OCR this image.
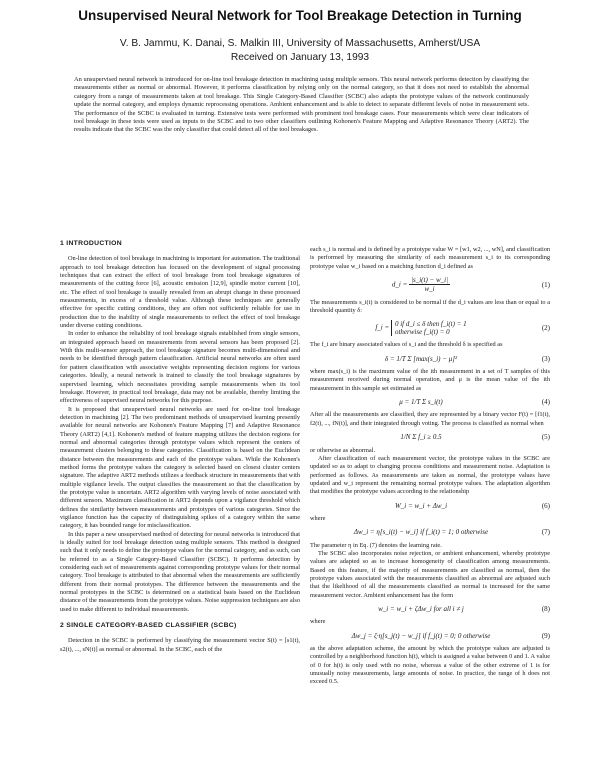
Unsupervised Neural Network for Tool Breakage Detection in Turning
V. B. Jammu, K. Danai, S. Malkin III, University of Massachusetts, Amherst/USA
Received on January 13, 1993

An unsupervised neural network is introduced for on-line tool breakage detection in machining using multiple sensors. This neural network performs detection by classifying the measurements either as normal or abnormal. However, it performs classification by relying only on the normal category, so that it does not need to establish the abnormal category from a range of measurements taken at tool breakage. This Single Category-Based Classifier (SCBC) also adapts the prototype values of the network continuously update the normal category, and employs dynamic reprocessing operations. Ambient enhancement and is able to detect to separate different levels of noise in measurement sets. The performance of the SCBC is evaluated in turning. Extensive tests were performed with prominent tool breakage cases. Four measurements which were clear indicators of tool breakage in these tests were used as inputs to the SCBC and to two other classifiers outlining Kohonen's Feature Mapping and Adaptive Resonance Theory (ART2). The results indicate that the SCBC was the only classifier that could detect all of the tool breakages.

1 INTRODUCTION

On-line detection of tool breakage in machining is important for automation. The traditional approach to tool breakage detection has focused on the development of signal processing techniques that can extract the effect of tool breakage from tool breakage signatures of measurements of the cutting force [6], acoustic emission [12,9], spindle motor current [10], etc. The effect of tool breakage is usually revealed from an abrupt change in these processed measurements, in excess of a threshold value. Although these techniques are generally effective for specific cutting conditions, they are often not sufficiently reliable for use in production due to the inability of single measurements to reflect the effect of tool breakage under diverse cutting conditions.

In order to enhance the reliability of tool breakage signals established from single sensors, an integrated approach based on measurements from several sensors has been proposed [2]. With this multi-sensor approach, the tool breakage signature becomes multi-dimensional and needs to be identified through pattern classification. Artificial neural networks are often used for pattern classification with associative weights representing decision regions for various categories. Ideally, a neural network is trained to classify the tool breakage signatures by supervised learning, which necessitates providing sample measurements when its tool breakage. However, in practical tool breakage, data may not be available, thereby limiting the effectiveness of supervised neural networks for this purpose.

It is proposed that unsupervised neural networks are used for on-line tool breakage detection in machining [2]. The two predominant methods of unsupervised learning presently available for neural networks are Kohonen's Feature Mapping [7] and Adaptive Resonance Theory (ART2) [4,1]. Kohonen's method of feature mapping utilizes the decision regions for normal and abnormal categories through prototype values which represent the centers of measurement clusters belonging to these categories. Classification is based on the Euclidean distance between the measurements and each of the prototype values. While the Kohonen's method forms the prototype values the category is selected based on closest cluster centers signature. The adaptive ART2 methods utilizes a feedback structure in measurements that with multiple vigilance levels. The output classifies the measurement so that the classification by the prototype value is uncertain. ART2 algorithm with varying levels of noise associated with different sensors. Maximum classification in ART2 depends upon a vigilance threshold which defines the similarity between measurements and prototypes of various categories. Since the vigilance function has the capacity of distinguishing spikes of a category within the same category, it has bounded range for misclassification.

In this paper a new unsupervised method of detecting for neural networks is introduced that is ideally suited for tool breakage detection using multiple sensors. This method is designed such that it only needs to define the prototype values for the normal category, and as such, can be referred to as a Single Category-Based Classifier (SCBC). It performs detection by considering each set of measurements against corresponding prototype values for their normal category. Tool breakage is attributed to that abnormal when the measurements are sufficiently different from their normal prototypes. The difference between the measurements and the normal prototypes in the SCBC is determined on a statistical basis based on the Euclidean distance of the measurements from the prototype values. Noise suppression techniques are also used to make different to individual measurements.

2 SINGLE CATEGORY-BASED CLASSIFIER (SCBC)

Detection in the SCBC is performed by classifying the measurement vector S(t) = [s1(t), s2(t), ..., sN(t)] as normal or abnormal. In the SCBC, each of the

each s_i is normal and is defined by a prototype value W = [w1, w2, ..., wN], and classification is performed by measuring the similarity of each measurement s_i to its corresponding prototype value w_i based on a matching function d_i defined as

d_i = $\frac{|s\_i(t) - w\_i|}{w\_i}$	(1)

The measurements s_i(t) is considered to be normal if the d_i values are less than or equal to a threshold quantity δ:

f_i = 0 if d_i ≤ δ then f_i(t) = 1
otherwise f_i(t) = 0
(2)

The f_i are binary associated values of s_i and the threshold δ is specified as

δ = 1/T Σ [max(s_i) − μ]²	(3)

where max(s_i) is the maximum value of the ith measurement in a set of T samples of this measurement received during normal operation, and μ is the mean value of the ith measurement in this sample set estimated as

μ = 1/T Σ s_i(t)	(4)

After all the measurements are classified, they are represented by a binary vector F(t) = [f1(t), f2(t), ..., fN(t)], and their integrated through voting. The process is classified as normal when

1/N Σ f_i ≥ 0.5	(5)

or otherwise as abnormal.

After classification of each measurement vector, the prototype values in the SCBC are updated so as to adapt to changing process conditions and measurement noise. Adaptation is performed as follows. As measurements are taken as normal, the prototype values have updated and w_i represent the remaining normal prototype values. The adaptation algorithm that modifies the prototype values according to the relationship

W_i = w_i + Δw_i	(6)

where

Δw_i = η[s_i(t) − w_i] if f_i(t) = 1; 0 otherwise	(7)

The parameter η in Eq. (7) denotes the learning rate.

The SCBC also incorporates noise rejection, or ambient enhancement, whereby prototype values are adapted so as to increase homogeneity of classification among measurements. Based on this feature, if the majority of measurements are classified as normal, then the prototype values associated with the measurements classified as abnormal are adjusted such that the likelihood of all the measurements classified as normal is increased for the same measurement vector. Ambient enhancement has the form

w_i = w_i + ζΔw_i for all i ≠ j	(8)

where

Δw_j = ζ·η[s_j(t) − w_j] if f_j(t) = 0; 0 otherwise	(9)

as the above adaptation scheme, the amount by which the prototype values are adjusted is controlled by a neighborhood function h(t), which is assigned a value between 0 and 1. A value of 0 for h(t) is only used with no noise, whereas a value of the other extreme of 1 is for unusually noisy measurements, large amounts of noise. In practice, the range of h does not exceed 0.5.
